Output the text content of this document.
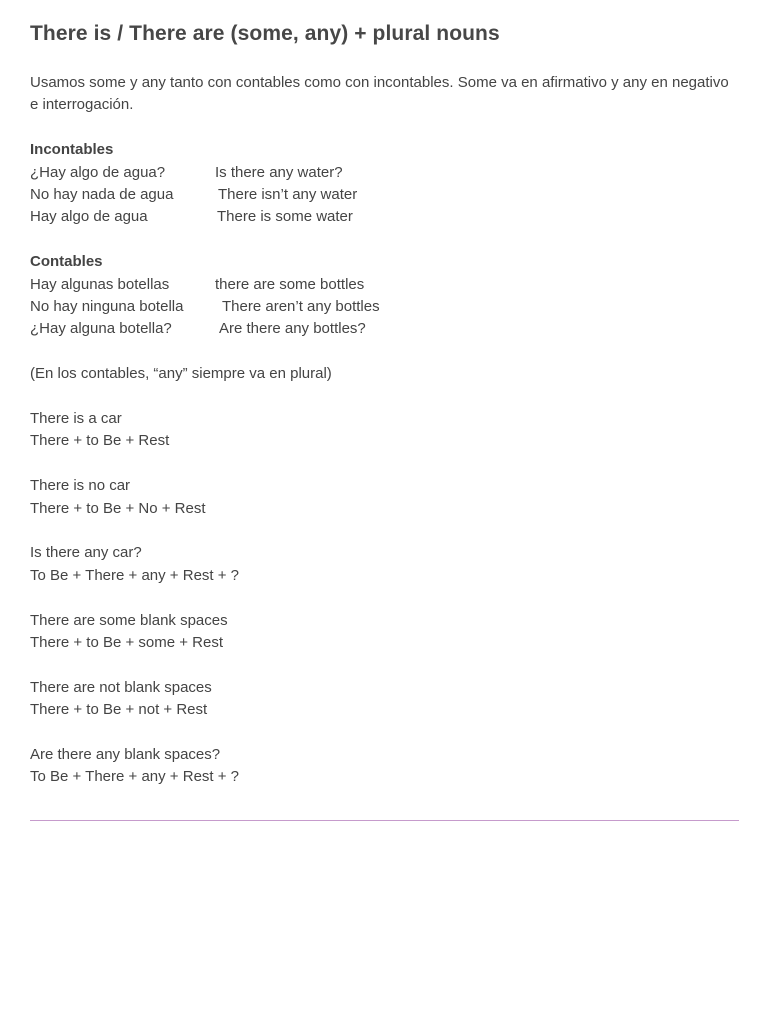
There is / There are (some, any) + plural nouns

Usamos some y any tanto con contables como con incontables. Some va en afirmativo y any en negativo e interrogación.

Incontables
¿Hay algo de agua?	Is there any water?
No hay nada de agua	There isn’t any water
Hay algo de agua	There is some water
Contables
Hay algunas botellas	there are some bottles
No hay ninguna botella	There aren’t any bottles
¿Hay alguna botella?	Are there any bottles?
(En los contables, “any” siempre va en plural)
There is a car
There + to Be + Rest
There is no car
There + to Be + No + Rest
Is there any car?
To Be + There + any + Rest + ?
There are some blank spaces
There + to Be + some + Rest
There are not blank spaces
There + to Be + not + Rest
Are there any blank spaces?
To Be + There + any + Rest + ?
